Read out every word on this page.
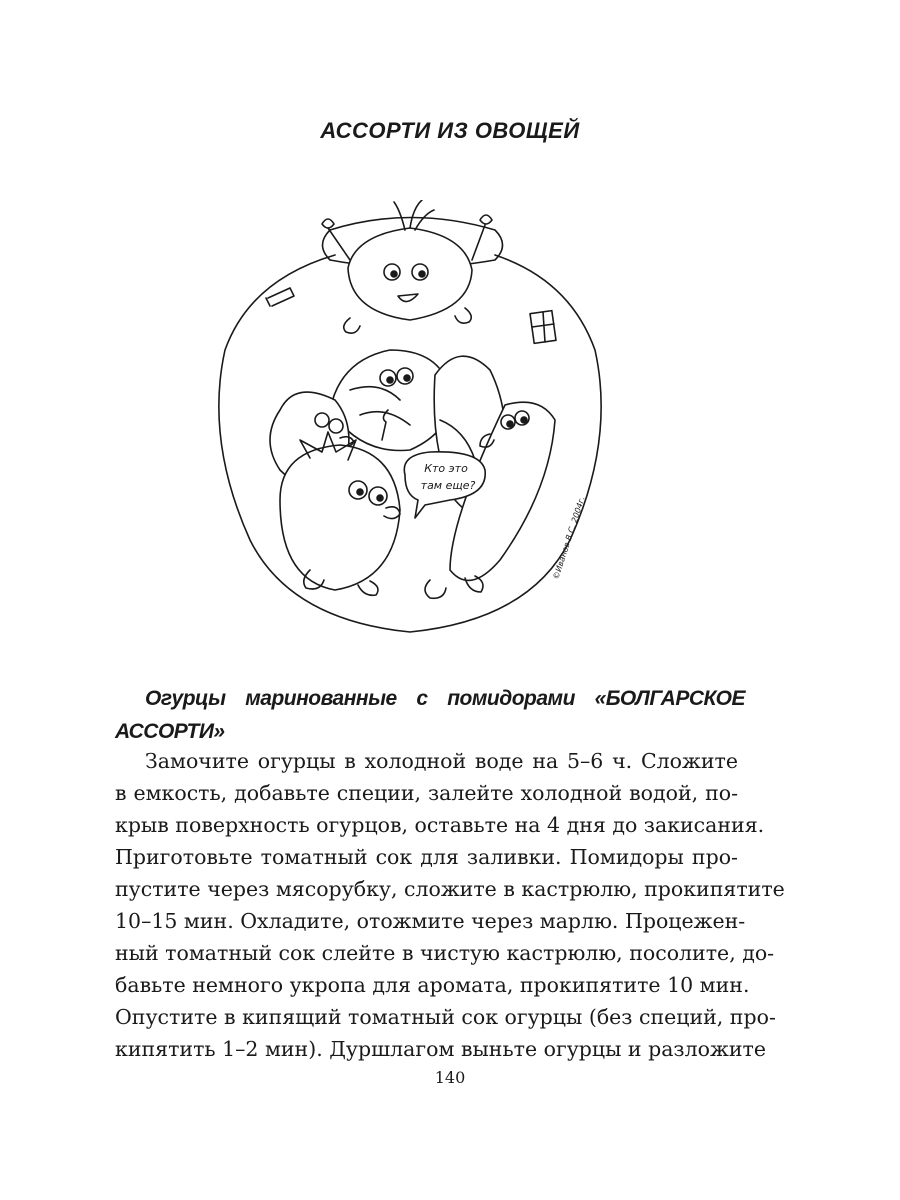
АССОРТИ ИЗ ОВОЩЕЙ
Кто это
там еще?
©Иванов В.С. 2004г.
Огурцы маринованные с помидорами «БОЛГАРСКОЕ
АССОРТИ»
Замочите огурцы в холодной воде на 5–6 ч. Сложите
в емкость, добавьте специи, залейте холодной водой, по-
крыв поверхность огурцов, оставьте на 4 дня до закисания.
Приготовьте томатный сок для заливки. Помидоры про-
пустите через мясорубку, сложите в кастрюлю, прокипятите
10–15 мин. Охладите, отожмите через марлю. Процежен-
ный томатный сок слейте в чистую кастрюлю, посолите, до-
бавьте немного укропа для аромата, прокипятите 10 мин.
Опустите в кипящий томатный сок огурцы (без специй, про-
кипятить 1–2 мин). Дуршлагом выньте огурцы и разложите
140
